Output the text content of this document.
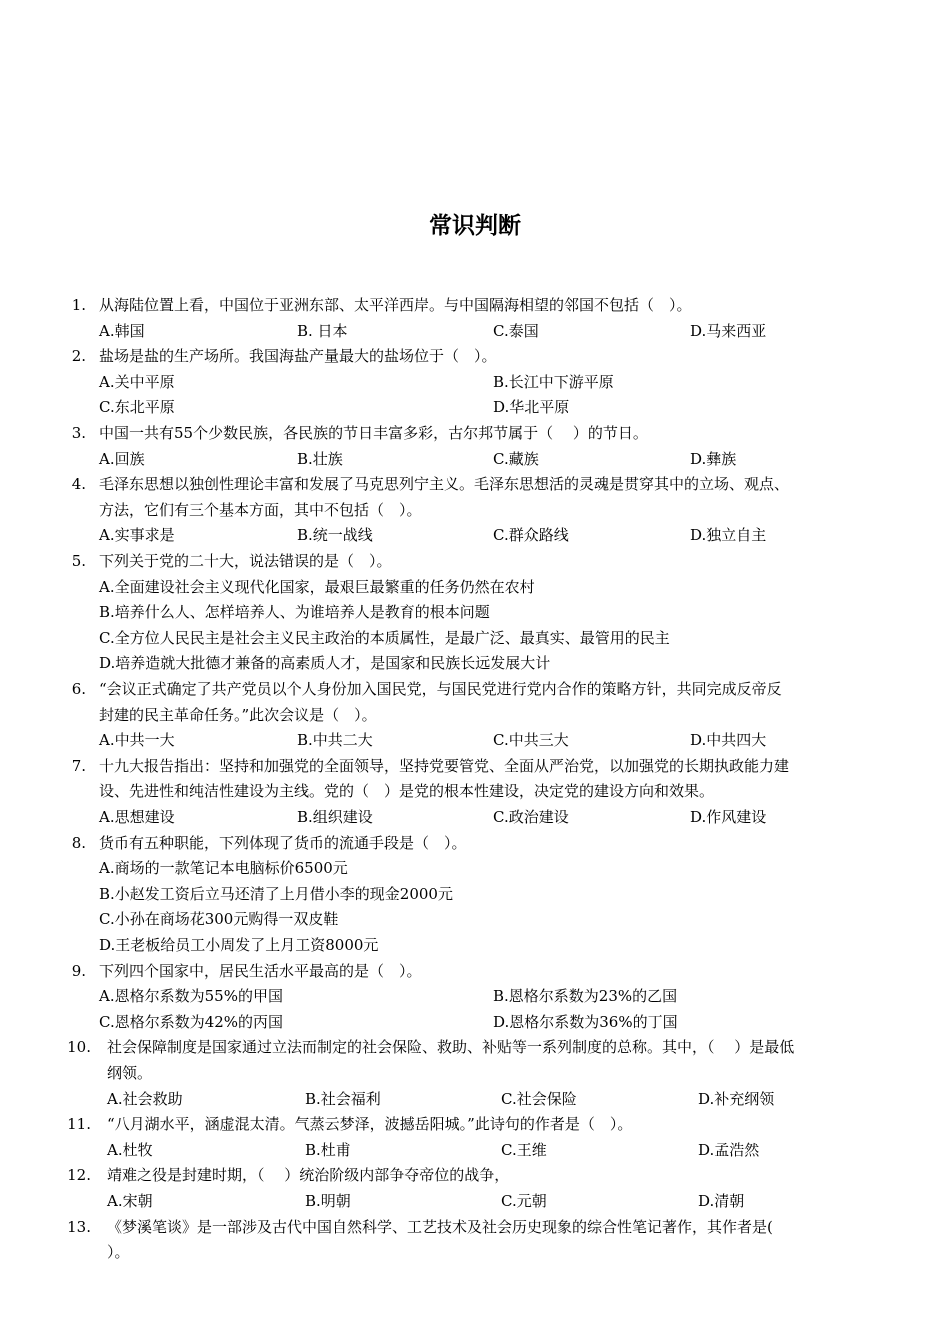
常识判断
1. 从海陆位置上看，中国位于亚洲东部、太平洋西岸。与中国隔海相望的邻国不包括（　）。
A.韩国	B. 日本	C.泰国	D.马来西亚
2. 盐场是盐的生产场所。我国海盐产量最大的盐场位于（　）。
A.关中平原	B.长江中下游平原
C.东北平原	D.华北平原
3. 中国一共有55个少数民族，各民族的节日丰富多彩，古尔邦节属于（　 ）的节日。
A.回族	B.壮族	C.藏族	D.彝族
4. 毛泽东思想以独创性理论丰富和发展了马克思列宁主义。毛泽东思想活的灵魂是贯穿其中的立场、观点、
方法，它们有三个基本方面，其中不包括（　）。
A.实事求是	B.统一战线	C.群众路线	D.独立自主
5. 下列关于党的二十大，说法错误的是（　）。
A.全面建设社会主义现代化国家，最艰巨最繁重的任务仍然在农村
B.培养什么人、怎样培养人、为谁培养人是教育的根本问题
C.全方位人民民主是社会主义民主政治的本质属性，是最广泛、最真实、最管用的民主
D.培养造就大批德才兼备的高素质人才，是国家和民族长远发展大计
6. “会议正式确定了共产党员以个人身份加入国民党，与国民党进行党内合作的策略方针，共同完成反帝反
封建的民主革命任务。”此次会议是（　）。
A.中共一大	B.中共二大	C.中共三大	D.中共四大
7. 十九大报告指出：坚持和加强党的全面领导，坚持党要管党、全面从严治党，以加强党的长期执政能力建
设、先进性和纯洁性建设为主线。党的（　）是党的根本性建设，决定党的建设方向和效果。
A.思想建设	B.组织建设	C.政治建设	D.作风建设
8. 货币有五种职能，下列体现了货币的流通手段是（　）。
A.商场的一款笔记本电脑标价6500元
B.小赵发工资后立马还清了上月借小李的现金2000元
C.小孙在商场花300元购得一双皮鞋
D.王老板给员工小周发了上月工资8000元
9. 下列四个国家中，居民生活水平最高的是（　）。
A.恩格尔系数为55%的甲国	B.恩格尔系数为23%的乙国
C.恩格尔系数为42%的丙国	D.恩格尔系数为36%的丁国
10. 社会保障制度是国家通过立法而制定的社会保险、救助、补贴等一系列制度的总称。其中，（　 ）是最低
纲领。
A.社会救助	B.社会福利	C.社会保险	D.补充纲领
11. “八月湖水平，涵虚混太清。气蒸云梦泽，波撼岳阳城。”此诗句的作者是（　）。
A.杜牧	B.杜甫	C.王维	D.孟浩然
12. 靖难之役是封建时期，（　 ）统治阶级内部争夺帝位的战争，
A.宋朝	B.明朝	C.元朝	D.清朝
13. 《梦溪笔谈》是一部涉及古代中国自然科学、工艺技术及社会历史现象的综合性笔记著作，其作者是(
）。
